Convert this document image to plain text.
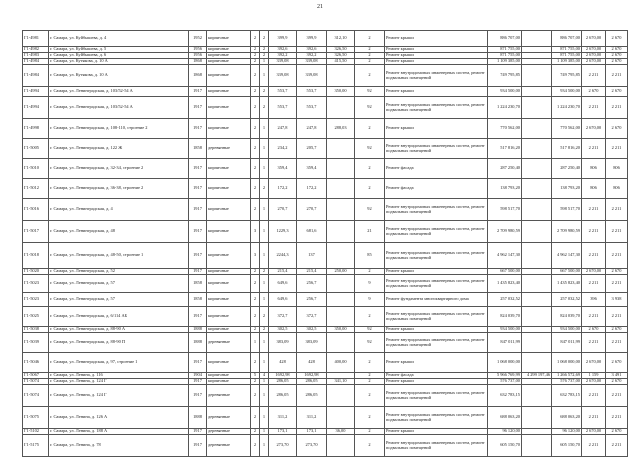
21
Г1-4981	г. Самара, ул. Куйбышева, д. 4	1952	кирпичные	2	2	399,9	399,9	312,10	2	Ремонт крыши	886 707,00		886 707,00	2 670,00	2 670
Г1-4982	г. Самара, ул. Куйбышева, д. 5	1956	кирпичные	2	2	392,6	392,6	326,50	2	Ремонт крыши	871 755,00		871 755,00	2 670,00	2 670
Г1-4983	г. Самара, ул. Куйбышева, д. 6	1956	кирпичные	2	2	392,2	392,2	326,50	2	Ремонт крыши	871 755,00		871 755,00	2 670,00	2 670
Г1-4984	г. Самара, ул. Кутякова, д. 10 А	1868	кирпичные	2	1	339,08	339,08	415,50	2	Ремонт крыши	1 109 385,00		1 109 385,00	2 670,00	2 670
Г1-4984	г. Самара, ул. Кутякова, д. 10 А	1868	кирпичные	2	1	339,08	339,08		2	Ремонт внутридомовых инженерных систем, ремонт подвальных помещений	749 795,85		749 795,85	2 211	2 211
Г1-4994	г. Самара, ул. Ленинградская, д. 103/52-54 А	1917	кирпичные	2	2	553,7	553,7	350,00	92	Ремонт крыши	934 500,00		934 500,00	2 670	2 670
Г1-4994	г. Самара, ул. Ленинградская, д. 103/52-54 А	1917	кирпичные	2	2	553,7	553,7		92	Ремонт внутридомовых инженерных систем, ремонт подвальных помещений	1 224 230,70		1 224 230,70	2 211	2 211
Г1-4998	г. Самара, ул. Ленинградская, д. 108-110, строение 2	1917	кирпичные	2	1	247,8	247,8	288,03	2	Ремонт крыши	770 562,00		770 562,00	2 670,00	2 670
Г1-5005	г. Самара, ул. Ленинградская, д. 122 Ж	1858	деревянные	2	1	234,2	205,7		92	Ремонт внутридомовых инженерных систем, ремонт подвальных помещений	517 816,20		517 816,20	2 211	2 211
Г1-5010	г. Самара, ул. Ленинградская, д. 32-34, строение 2	1917	кирпичные	2	1	359,4	359,4		2	Ремонт фасада	287 250,40		287 250,40	806	806
Г1-5012	г. Самара, ул. Ленинградская, д. 36-38, строение 2	1917	кирпичные	2	2	172,2	172,2		2	Ремонт фасада	138 793,20		138 793,20	806	806
Г1-5016	г. Самара, ул. Ленинградская, д. 4	1917	кирпичные	2	1	270,7	270,7		92	Ремонт внутридомовых инженерных систем, ремонт подвальных помещений	598 517,70		598 517,70	2 211	2 211
Г1-5017	г. Самара, ул. Ленинградская, д. 48	1917	кирпичные	3	1	1229,3	681,6		21	Ремонт внутридомовых инженерных систем, ремонт подвальных помещений	2 709 980,59		2 709 980,59	2 211	2 211
Г1-5018	г. Самара, ул. Ленинградская, д. 48-50, строение 1	1917	кирпичные	3	1	2244,3	137		85	Ремонт внутридомовых инженерных систем, ремонт подвальных помещений	4 962 147,30		4 962 147,30	2 211	2 211
Г1-5020	г. Самара, ул. Ленинградская, д. 52	1917	кирпичные	2	2	215,4	215,4	250,00	2	Ремонт крыши	667 500,00		667 500,00	2 670,00	2 670
Г1-5023	г. Самара, ул. Ленинградская, д. 57	1858	кирпичные	2	1	649,6	256,7		9	Ремонт внутридомовых инженерных систем, ремонт подвальных помещений	1 435 823,40		1 435 823,40	2 211	2 211
Г1-5023	г. Самара, ул. Ленинградская, д. 57	1858	кирпичные	2	1	649,6	256,7		9	Ремонт фундамента многоквартирного дома	257 032,52		257 032,52	396	3 938
Г1-5025	г. Самара, ул. Ленинградская, д. 6/114 АБ	1917	кирпичные	2	2	372,7	372,7		2	Ремонт внутридомовых инженерных систем, ремонт подвальных помещений	824 039,70		824 039,70	2 211	2 211
Г1-5038	г. Самара, ул. Ленинградская, д. 88-90 А	1888	кирпичные	2	2	302,5	302,5	350,00	92	Ремонт крыши	934 500,00		934 500,00	2 670	2 670
Г1-5039	г. Самара, ул. Ленинградская, д. 88-90 П	1888	деревянные	1	1	383,09	383,09		92	Ремонт внутридомовых инженерных систем, ремонт подвальных помещений	847 011,99		847 011,99	2 211	2 211
Г1-5046	г. Самара, ул. Ленинградская, д. 97, строение 1	1917	кирпичные	2	1	428	428	400,00	2	Ремонт крыши	1 068 000,00		1 068 000,00	2 670,00	2 670
Г1-5067	г. Самара, ул. Ленина, д. 116	1904	кирпичные	5	4	1692,98	1692,98		2	Ремонт фасада	5 966 769,99	4 299 197,46	1 266 572,69	1 159	3 491
Г1-5074	г. Самара, ул. Ленина, д. 124 Г	1917	кирпичные	2	1	286,05	286,05	341,10	2	Ремонт крыши	576 737,00		576 737,00	2 670,00	2 670
Г1-5074	г. Самара, ул. Ленина, д. 124 Г	1917	деревянные	2	1	286,05	286,05		2	Ремонт внутридомовых инженерных систем, ремонт подвальных помещений	632 783,15		632 783,15	2 211	2 211
Г1-5075	г. Самара, ул. Ленина, д. 126 А	1888	деревянные	2	1	311,2	311,2		2	Ремонт внутридомовых инженерных систем, ремонт подвальных помещений	688 063,20		688 063,20	2 211	2 211
Г1-5102	г. Самара, ул. Ленина, д. 188 А	1917	деревянные	2	1	173,1	173,1	36,00	2	Ремонт крыши	96 120,00		96 120,00	2 670,00	2 670
Г1-5175	г. Самара, ул. Ленина, д. 78	1917	деревянные	2	1	273,70	273,70		2	Ремонт внутридомовых инженерных систем, ремонт подвальных помещений	605 150,70		605 150,70	2 211	2 211
